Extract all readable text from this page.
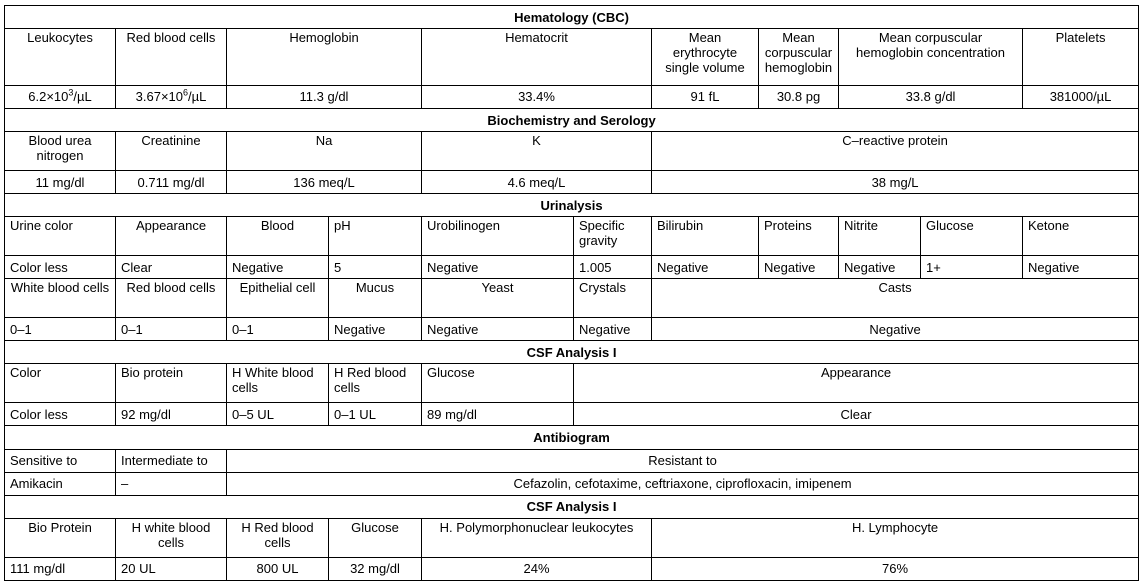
Hematology (CBC)										
Leukocytes	Red blood cells	Hemoglobin		Hematocrit		Mean erythrocyte single volume	Mean corpuscular hemoglobin	Mean corpuscular hemoglobin concentration		Platelets
$6.2\times 10^3/\mu L$	$3.67\times 10^6/\mu L$	11.3 g/dl		33.4%		91 fL	30.8 pg	33.8 g/dl		381000/µL
Biochemistry and Serology										
Blood urea nitrogen	Creatinine	Na		K		C–reactive protein				
11 mg/dl	0.711 mg/dl	136 meq/L		4.6 meq/L		38 mg/L				
Urinalysis										
Urine color	Appearance	Blood	pH	Urobilinogen	Specific gravity	Bilirubin	Proteins	Nitrite	Glucose	Ketone
Color less	Clear	Negative	5	Negative	1.005	Negative	Negative	Negative	1+	Negative
White blood cells	Red blood cells	Epithelial cell	Mucus	Yeast	Crystals	Casts				
0–1	0–1	0–1	Negative	Negative	Negative	Negative				
CSF Analysis I										
Color	Bio protein	H White blood cells	H Red blood cells	Glucose	Appearance					
Color less	92 mg/dl	0–5 UL	0–1 UL	89 mg/dl	Clear					
Antibiogram										
Sensitive to	Intermediate to	Resistant to								
Amikacin	–	Cefazolin, cefotaxime, ceftriaxone, ciprofloxacin, imipenem								
CSF Analysis I										
Bio Protein	H white blood cells	H Red blood cells	Glucose	H. Polymorphonuclear leukocytes		H. Lymphocyte				
111 mg/dl	20 UL	800 UL	32 mg/dl	24%		76%				
